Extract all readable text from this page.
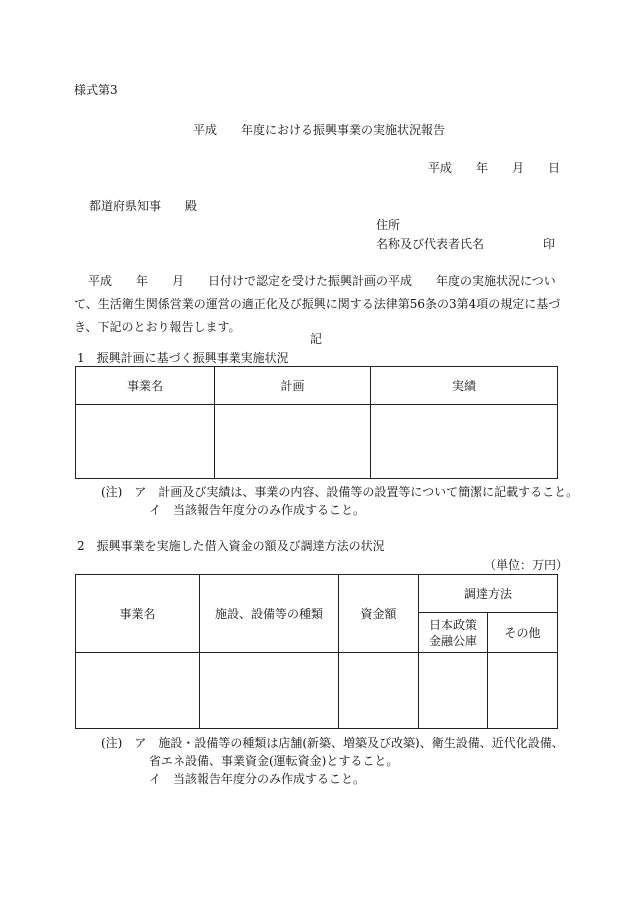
様式第3
平成　　年度における振興事業の実施状況報告
平成　　年　　月　　日
都道府県知事　　殿
住所
名称及び代表者氏名	印
平成　　年　　月　　日付けで認定を受けた振興計画の平成　　年度の実施状況につい
て、生活衛生関係営業の運営の適正化及び振興に関する法律第56条の3第4項の規定に基づ
き、下記のとおり報告します。
記
1　振興計画に基づく振興事業実施状況
事業名	計画	実績

(注)　ア　計画及び実績は、事業の内容、設備等の設置等について簡潔に記載すること。
イ　当該報告年度分のみ作成すること。
2　振興事業を実施した借入資金の額及び調達方法の状況
（単位：万円）
事業名	施設、設備等の種類	資金額	調達方法	

			日本政策
金融公庫	その他

(注)　ア　施設・設備等の種類は店舗(新築、増築及び改築)、衛生設備、近代化設備、
省エネ設備、事業資金(運転資金)とすること。
イ　当該報告年度分のみ作成すること。
